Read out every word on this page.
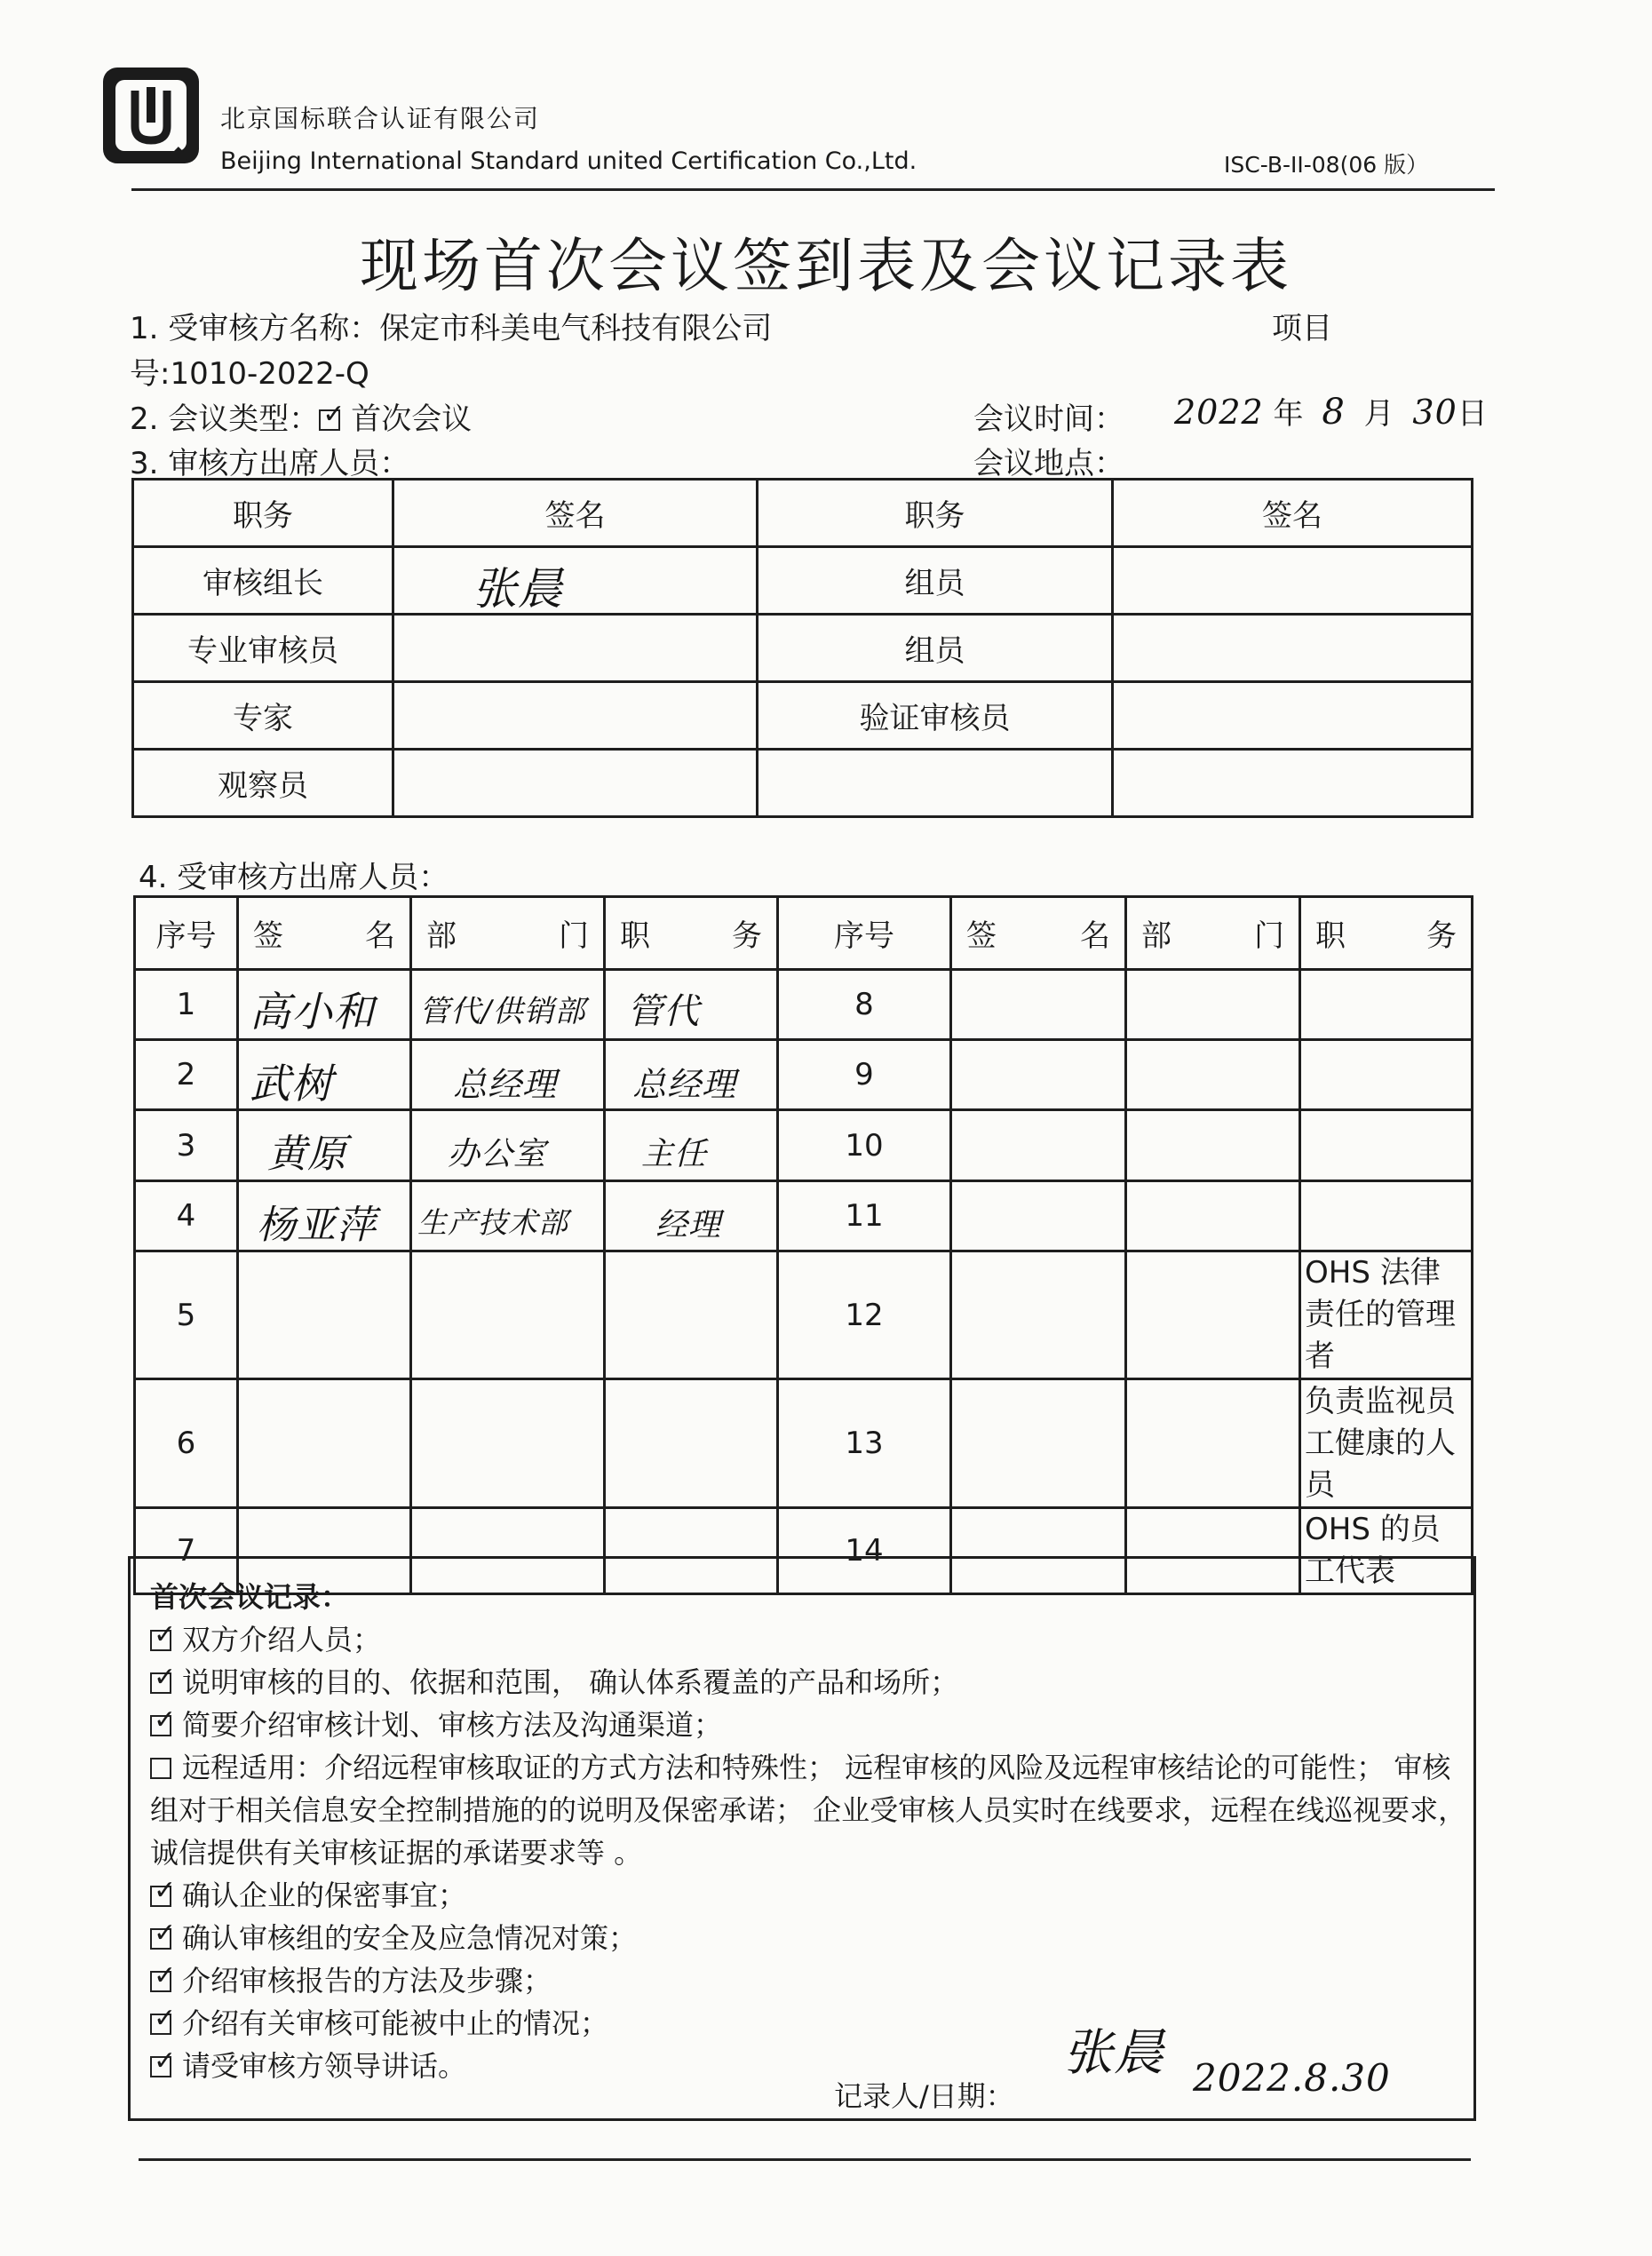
北京国标联合认证有限公司
Beijing International Standard united Certification Co.,Ltd.	ISC-B-II-08(06 版）
现场首次会议签到表及会议记录表
1. 受审核方名称：保定市科美电气科技有限公司	项目
号:1010-2022-Q
2. 会议类型： ✓ 首次会议	会议时间： 2022 年 8 月 30日
3. 审核方出席人员：	会议地点：
职务	签名	职务	签名
审核组长	张晨	组员	
专业审核员		组员	
专家		验证审核员	
观察员			
4. 受审核方出席人员：
序号	签 名	部 门	职 务	序号	签 名	部 门	职 务

1	高小和	管代/供销部	管代	8			
2	武树	总经理	总经理	9			
3	黄原	办公室	主任	10			
4	杨亚萍	生产技术部	经理	11			
5				12			OHS 法律责任的管理者
6				13			负责监视员工健康的人员
7				14			OHS 的员工代表
首次会议记录：
✓双方介绍人员；
✓说明审核的目的、依据和范围， 确认体系覆盖的产品和场所；
✓简要介绍审核计划、审核方法及沟通渠道；
远程适用：介绍远程审核取证的方式方法和特殊性； 远程审核的风险及远程审核结论的可能性； 审核
组对于相关信息安全控制措施的的说明及保密承诺； 企业受审核人员实时在线要求，远程在线巡视要求，
诚信提供有关审核证据的承诺要求等 。
✓确认企业的保密事宜；
✓确认审核组的安全及应急情况对策；
✓介绍审核报告的方法及步骤；
✓介绍有关审核可能被中止的情况；
✓请受审核方领导讲话。
记录人/日期：
张晨 2022.8.30
